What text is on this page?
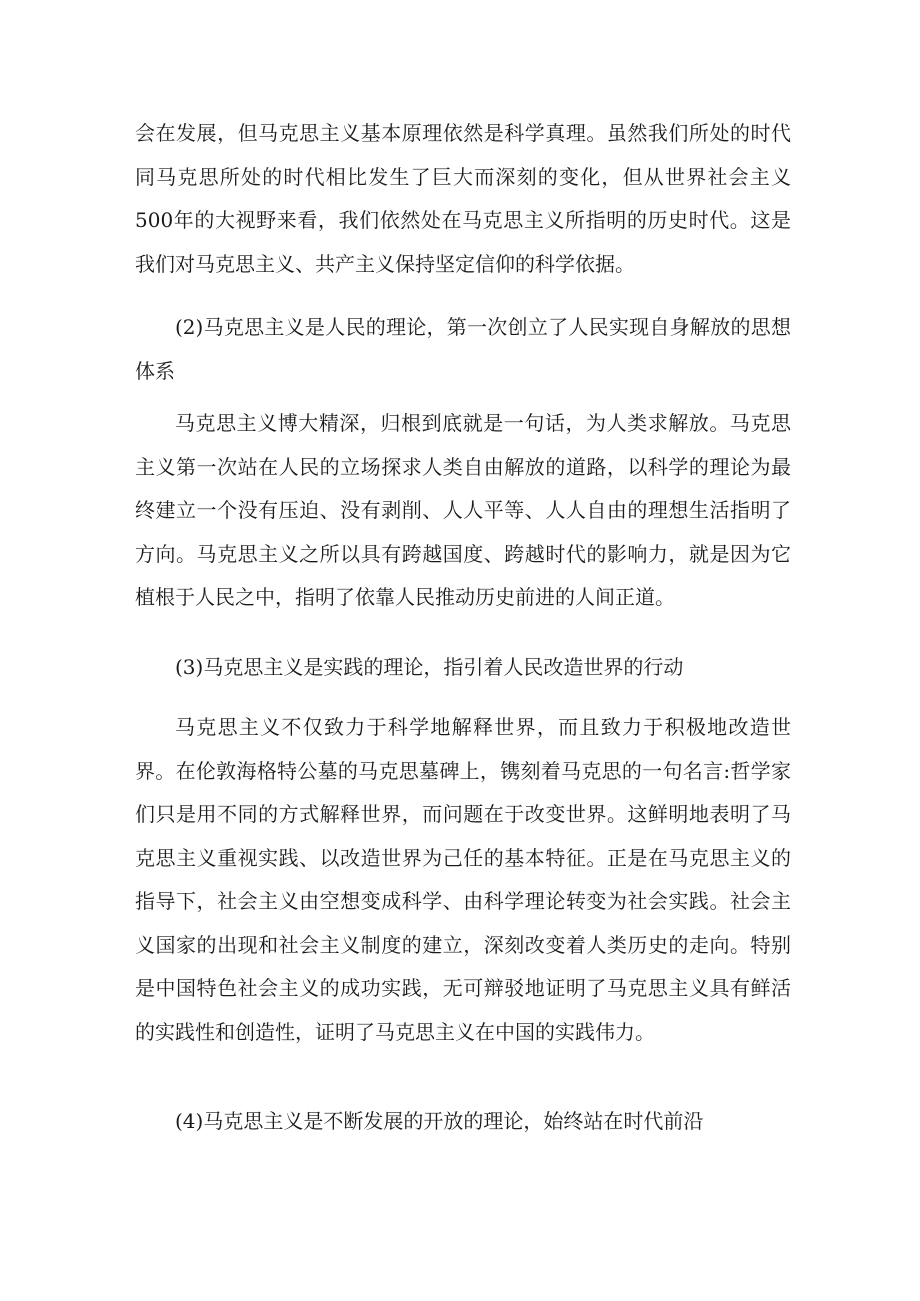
会在发展，但马克思主义基本原理依然是科学真理。虽然我们所处的时代同马克思所处的时代相比发生了巨大而深刻的变化，但从世界社会主义500年的大视野来看，我们依然处在马克思主义所指明的历史时代。这是我们对马克思主义、共产主义保持坚定信仰的科学依据。

(2)马克思主义是人民的理论，第一次创立了人民实现自身解放的思想体系

马克思主义博大精深，归根到底就是一句话，为人类求解放。马克思主义第一次站在人民的立场探求人类自由解放的道路，以科学的理论为最终建立一个没有压迫、没有剥削、人人平等、人人自由的理想生活指明了方向。马克思主义之所以具有跨越国度、跨越时代的影响力，就是因为它植根于人民之中，指明了依靠人民推动历史前进的人间正道。

(3)马克思主义是实践的理论，指引着人民改造世界的行动

马克思主义不仅致力于科学地解释世界，而且致力于积极地改造世界。在伦敦海格特公墓的马克思墓碑上，镌刻着马克思的一句名言:哲学家们只是用不同的方式解释世界，而问题在于改变世界。这鲜明地表明了马克思主义重视实践、以改造世界为己任的基本特征。正是在马克思主义的指导下，社会主义由空想变成科学、由科学理论转变为社会实践。社会主义国家的出现和社会主义制度的建立，深刻改变着人类历史的走向。特别是中国特色社会主义的成功实践，无可辩驳地证明了马克思主义具有鲜活的实践性和创造性，证明了马克思主义在中国的实践伟力。

(4)马克思主义是不断发展的开放的理论，始终站在时代前沿
